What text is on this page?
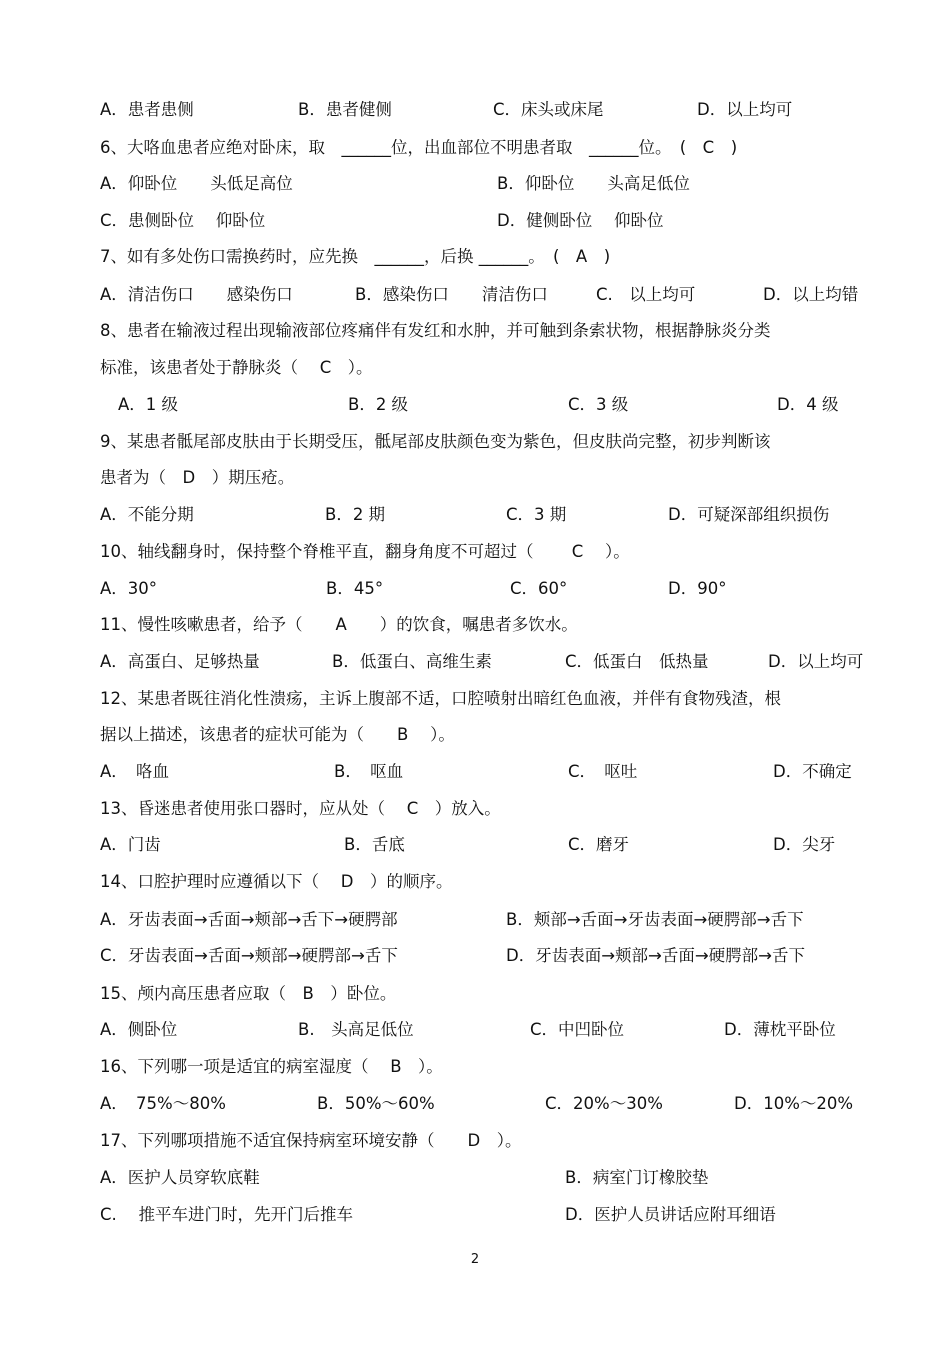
A．患者患侧	B．患者健侧	C．床头或床尾	D．以上均可
6、大咯血患者应绝对卧床，取　______位，出血部位不明患者取　______位。　(　C　)
A．仰卧位　　头低足高位	B．仰卧位　　头高足低位
C．患侧卧位　 仰卧位	D．健侧卧位　 仰卧位
7、如有多处伤口需换药时，应先换　______，后换 ______。　(　A　)
A．清洁伤口　　感染伤口	B．感染伤口　　清洁伤口	C.　以上均可	D．以上均错
8、患者在输液过程出现输液部位疼痛伴有发红和水肿，并可触到条索状物，根据静脉炎分类
标准，该患者处于静脉炎（　 C　）。
A．1 级	B．2 级	C．3 级	D．4 级
9、某患者骶尾部皮肤由于长期受压，骶尾部皮肤颜色变为紫色，但皮肤尚完整，初步判断该
患者为（　D　）期压疮。
A．不能分期	B．2 期	C．3 期	D．可疑深部组织损伤
10、轴线翻身时，保持整个脊椎平直，翻身角度不可超过（　　 C　 ）。
A．30°	B．45°	C．60°	D．90°
11、慢性咳嗽患者，给予（　　A　　）的饮食，嘱患者多饮水。
A．高蛋白、足够热量	B．低蛋白、高维生素	C．低蛋白　低热量	D．以上均可
12、某患者既往消化性溃疡，主诉上腹部不适，口腔喷射出暗红色血液，并伴有食物残渣，根
据以上描述，该患者的症状可能为（　　B　 ）。
A．　咯血	B．　呕血	C．　呕吐	D．不确定
13、昏迷患者使用张口器时，应从处（　 C　）放入。
A．门齿	B．舌底	C．磨牙	D．尖牙
14、口腔护理时应遵循以下（　 D　）的顺序。
A．牙齿表面→舌面→颊部→舌下→硬腭部	B．颊部→舌面→牙齿表面→硬腭部→舌下
C．牙齿表面→舌面→颊部→硬腭部→舌下	D．牙齿表面→颊部→舌面→硬腭部→舌下
15、颅内高压患者应取（　B　）卧位。
A．侧卧位	B.　头高足低位	C．中凹卧位	D．薄枕平卧位
16、下列哪一项是适宜的病室湿度（　 B　）。
A．　75%～80%	B．50%～60%	C．20%～30%	D．10%～20%
17、下列哪项措施不适宜保持病室环境安静（　　D　）。
A．医护人员穿软底鞋	B．病室门订橡胶垫
C.　 推平车进门时，先开门后推车	D．医护人员讲话应附耳细语
2
